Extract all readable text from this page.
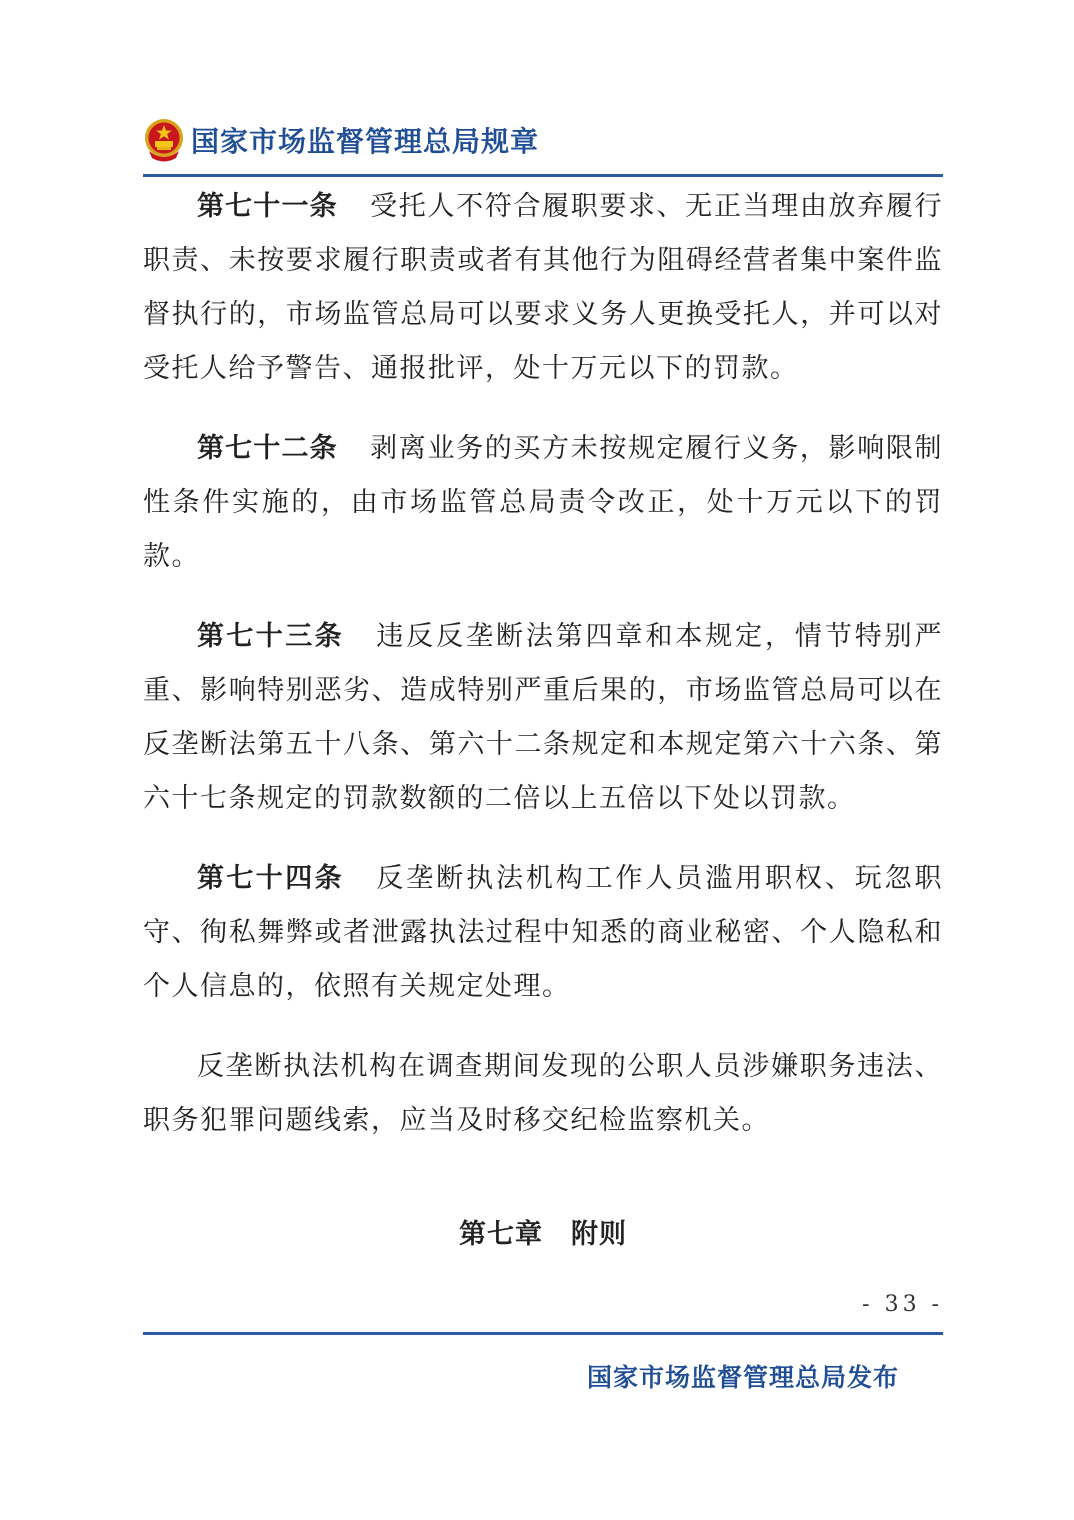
国家市场监督管理总局规章

第七十一条 受托人不符合履职要求、无正当理由放弃履行职责、未按要求履行职责或者有其他行为阻碍经营者集中案件监督执行的，市场监管总局可以要求义务人更换受托人，并可以对受托人给予警告、通报批评，处十万元以下的罚款。

第七十二条 剥离业务的买方未按规定履行义务，影响限制性条件实施的，由市场监管总局责令改正，处十万元以下的罚款。

第七十三条 违反反垄断法第四章和本规定，情节特别严重、影响特别恶劣、造成特别严重后果的，市场监管总局可以在反垄断法第五十八条、第六十二条规定和本规定第六十六条、第六十七条规定的罚款数额的二倍以上五倍以下处以罚款。

第七十四条 反垄断执法机构工作人员滥用职权、玩忽职守、徇私舞弊或者泄露执法过程中知悉的商业秘密、个人隐私和个人信息的，依照有关规定处理。

反垄断执法机构在调查期间发现的公职人员涉嫌职务违法、职务犯罪问题线索，应当及时移交纪检监察机关。

第七章　附则
- 33 -
国家市场监督管理总局发布
